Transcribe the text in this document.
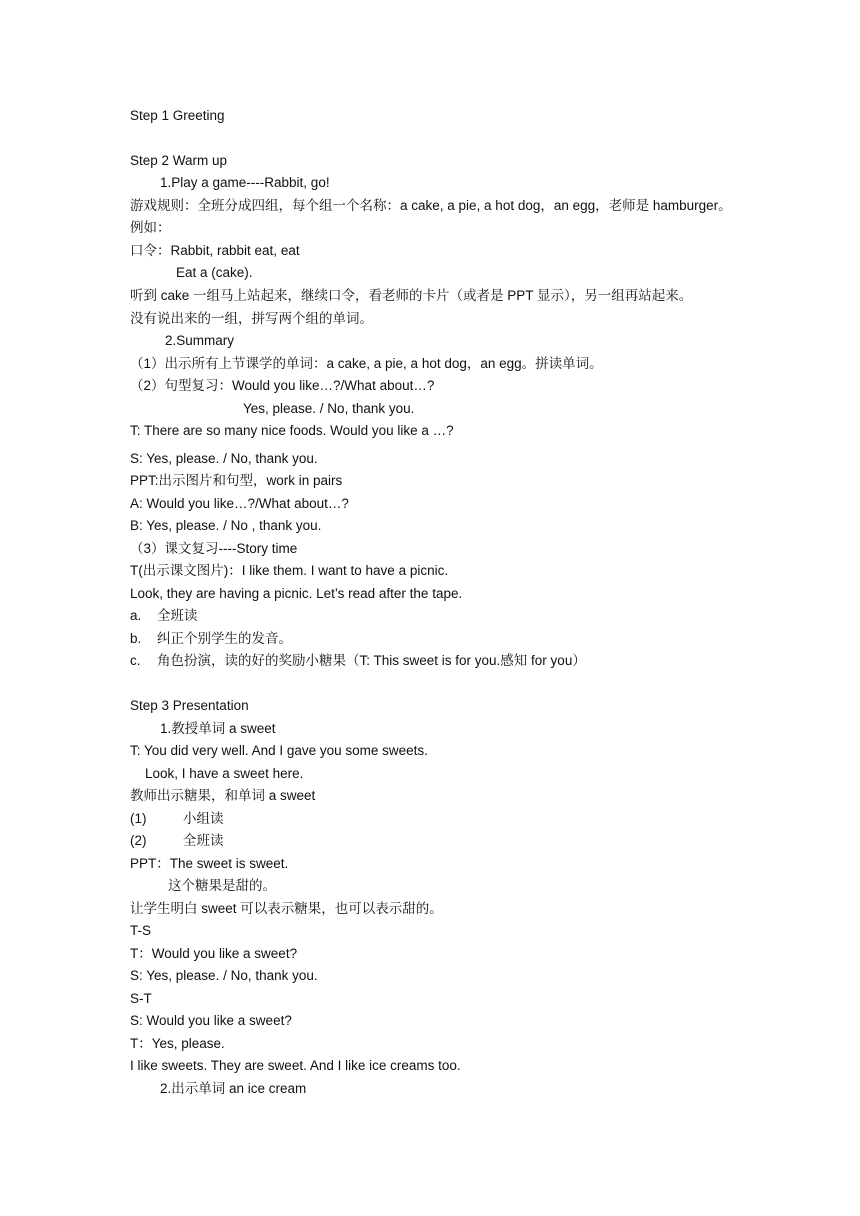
Step 1 Greeting
Step 2 Warm up
1.Play a game----Rabbit, go!
游戏规则：全班分成四组，每个组一个名称：a cake, a pie, a hot dog，an egg，老师是 hamburger。
例如：
口令：Rabbit, rabbit eat, eat
Eat a (cake).
听到 cake 一组马上站起来，继续口令，看老师的卡片（或者是 PPT 显示），另一组再站起来。
没有说出来的一组，拼写两个组的单词。
2.Summary
（1）出示所有上节课学的单词：a cake, a pie, a hot dog，an egg。拼读单词。
（2）句型复习：Would you like…?/What about…?
Yes, please. / No, thank you.
T: There are so many nice foods. Would you like a …?
S: Yes, please. / No, thank you.
PPT:出示图片和句型，work in pairs
A: Would you like…?/What about…?
B: Yes, please. / No , thank you.
（3）课文复习----Story time
T(出示课文图片)：I like them. I want to have a picnic.
Look, they are having a picnic. Let’s read after the tape.
a. 全班读
b. 纠正个别学生的发音。
c. 角色扮演，读的好的奖励小糖果（T: This sweet is for you.感知 for you）
Step 3 Presentation
1.教授单词 a sweet
T: You did very well. And I gave you some sweets.
Look, I have a sweet here.
教师出示糖果，和单词 a sweet
(1)	小组读
(2)	全班读
PPT：The sweet is sweet.
这个糖果是甜的。
让学生明白 sweet 可以表示糖果，也可以表示甜的。
T-S
T：Would you like a sweet?
S: Yes, please. / No, thank you.
S-T
S: Would you like a sweet?
T：Yes, please.
I like sweets. They are sweet. And I like ice creams too.
2.出示单词 an ice cream
